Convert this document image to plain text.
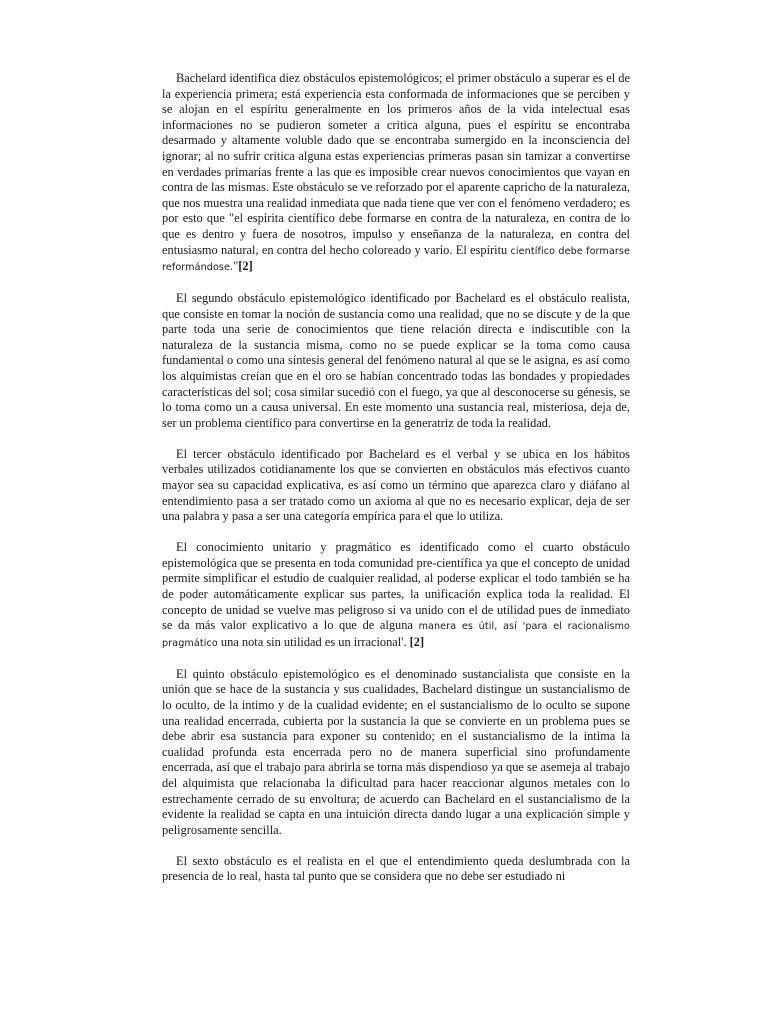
Bachelard identifica diez obstáculos epistemológicos; el primer obstáculo a superar es el de la experiencia primera; está experiencia esta conformada de informaciones que se perciben y se alojan en el espíritu generalmente en los primeros años de la vida intelectual esas informaciones no se pudieron someter a critica alguna, pues el espíritu se encontraba desarmado y altamente voluble dado que se encontraba sumergido en la inconsciencia del ignorar; al no sufrir critica alguna estas experiencias primeras pasan sin tamizar a convertirse en verdades primarias frente a las que es imposible crear nuevos conocimientos que vayan en contra de las mismas. Este obstáculo se ve reforzado por el aparente capricho de la naturaleza, que nos muestra una realidad inmediata que nada tiene que ver con el fenómeno verdadero; es por esto que "el espirita científico debe formarse en contra de la naturaleza, en contra de lo que es dentro y fuera de nosotros, impulso y enseñanza de la naturaleza, en contra del entusiasmo natural, en contra del hecho coloreado y vario. El espíritu científico debe formarse reformándose."[2]

El segundo obstáculo epistemológico identificado por Bachelard es el obstáculo realista, que consiste en tomar la noción de sustancia como una realidad, que no se discute y de la que parte toda una serie de conocimientos que tiene relación directa e indiscutible con la naturaleza de la sustancia misma, como no se puede explicar se la toma como causa fundamental o como una síntesis general del fenómeno natural al que se le asigna, es así como los alquimistas creían que en el oro se habían concentrado todas las bondades y propiedades características del sol; cosa similar sucedió con el fuego, ya que al desconocerse su génesis, se lo toma como un a causa universal. En este momento una sustancia real, misteriosa, deja de, ser un problema científico para convertirse en la generatriz de toda la realidad.

El tercer obstáculo identificado por Bachelard es el verbal y se ubica en los hábitos verbales utilizados cotidianamente los que se convierten en obstáculos más efectivos cuanto mayor sea su capacidad explicativa, es así como un término que aparezca claro y diáfano al entendimiento pasa a ser tratado como un axioma al que no es necesario explicar, deja de ser una palabra y pasa a ser una categoría empírica para el que lo utiliza.

El conocimiento unitario y pragmático es identificado como el cuarto obstáculo epistemológica que se presenta en toda comunidad pre-científica ya que el concepto de unidad permite simplificar el estudio de cualquier realidad, al poderse explicar el todo también se ha de poder automáticamente explicar sus partes, la unificación explica toda la realidad. El concepto de unidad se vuelve mas peligroso si va unido con el de utilidad pues de inmediato se da más valor explicativo a lo que de alguna manera es útil, así 'para el racionalismo pragmático una nota sin utilidad es un irracional'. [2]

El quinto obstáculo epistemológico es el denominado sustancialista que consiste en la unión que se hace de la sustancia y sus cualidades, Bachelard distingue un sustancialismo de lo oculto, de la intimo y de la cualidad evidente; en el sustancialismo de lo oculto se supone una realidad encerrada, cubierta por la sustancia la que se convierte en un problema pues se debe abrir esa sustancia para exponer su contenido; en el sustancialismo de la intima la cualidad profunda esta encerrada pero no de manera superficial sino profundamente encerrada, así que el trabajo para abrirla se torna más dispendioso ya que se asemeja al trabajo del alquimista que relacionaba la dificultad para hacer reaccionar algunos metales con lo estrechamente cerrado de su envoltura; de acuerdo can Bachelard en el sustancialismo de la evidente la realidad se capta en una intuición directa dando lugar a una explicación simple y peligrosamente sencilla.

El sexto obstáculo es el realista en el que el entendimiento queda deslumbrada con la presencia de lo real, hasta tal punto que se considera que no debe ser estudiado ni
